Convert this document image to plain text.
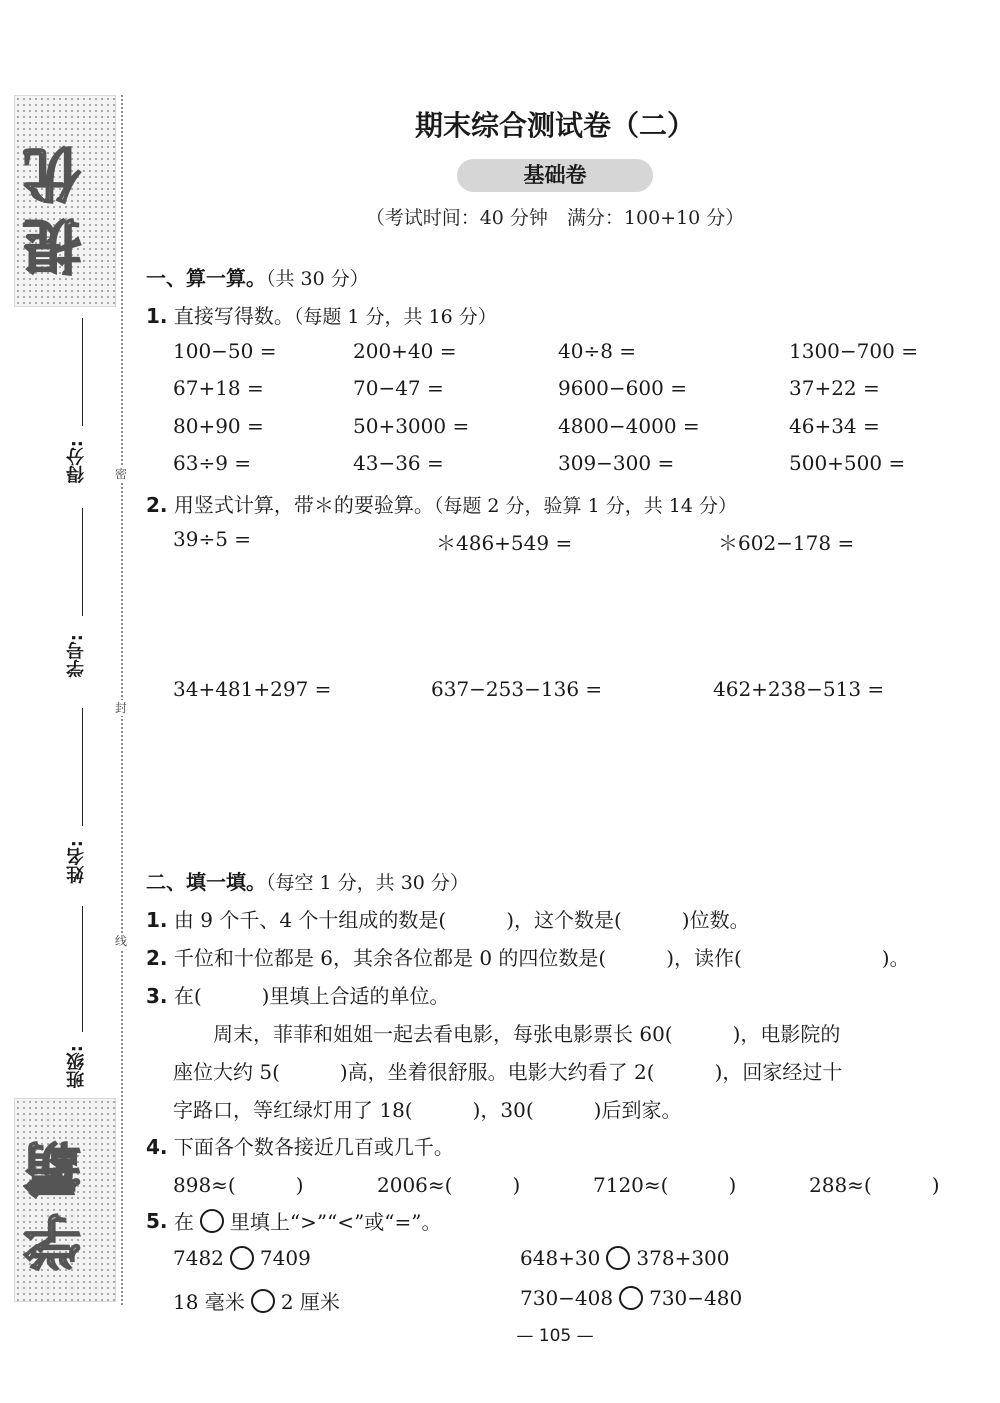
提优
学霸
密
封
线
得分:
学号:
姓名:
班级:
期末综合测试卷（二）
基础卷
（考试时间：40 分钟　满分：100+10 分）
一、算一算。（共 30 分）
1. 直接写得数。（每题 1 分，共 16 分）
100−50 =	200+40 =	40÷8 =	1300−700 =
67+18 =	70−47 =	9600−600 =	37+22 =
80+90 =	50+3000 =	4800−4000 =	46+34 =
63÷9 =	43−36 =	309−300 =	500+500 =
2. 用竖式计算，带＊的要验算。（每题 2 分，验算 1 分，共 14 分）
39÷5 =	＊486+549 =	＊602−178 =
34+481+297 =	637−253−136 =	462+238−513 =
二、填一填。（每空 1 分，共 30 分）
1. 由 9 个千、4 个十组成的数是(　　　)，这个数是(　　　)位数。
2. 千位和十位都是 6，其余各位都是 0 的四位数是(　　　)，读作(　　　　　　　)。
3. 在(　　　)里填上合适的单位。
　　周末，菲菲和姐姐一起去看电影，每张电影票长 60(　　　)，电影院的
座位大约 5(　　　)高，坐着很舒服。电影大约看了 2(　　　)，回家经过十
字路口，等红绿灯用了 18(　　　)，30(　　　)后到家。
4. 下面各个数各接近几百或几千。
898≈(　　　)	2006≈(　　　)	7120≈(　　　)	288≈(　　　)
5.
在 里填上“>”“<”或“=”。
7482 7409	648+30 378+300
18 毫米 2 厘米	730−408 730−480
— 105 —
